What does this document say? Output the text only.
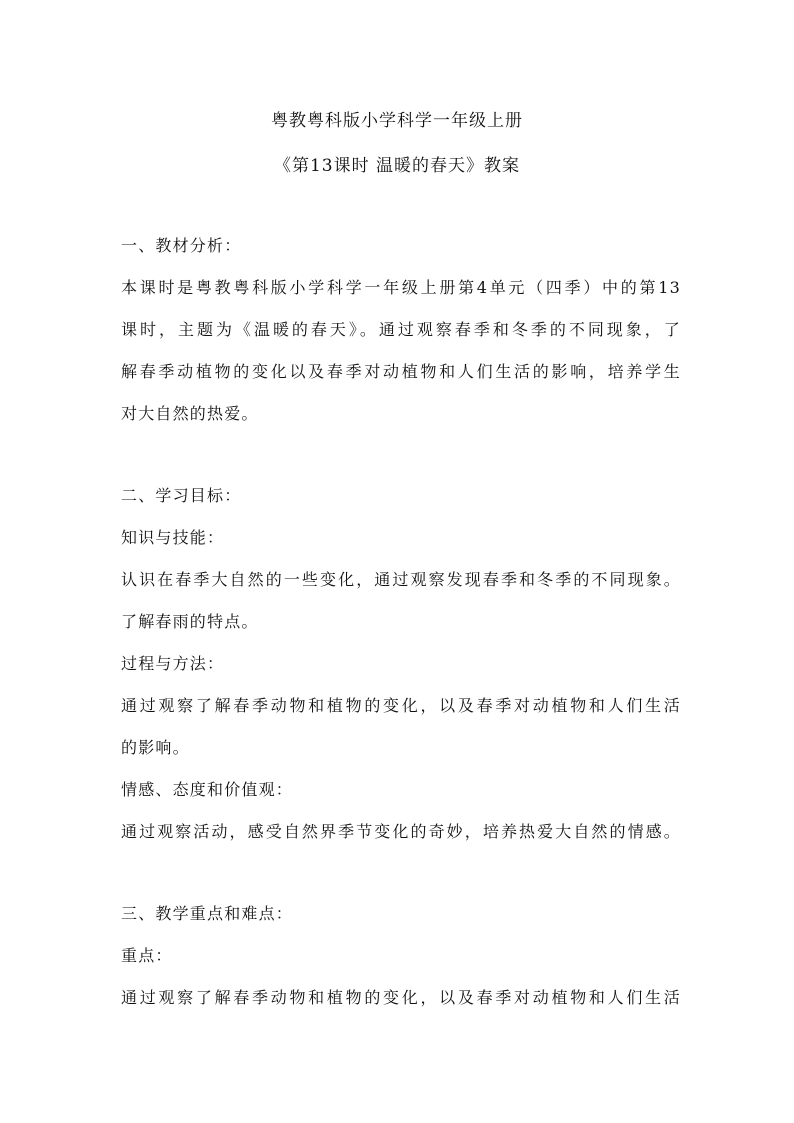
粤教粤科版小学科学一年级上册
《第13课时 温暖的春天》教案
一、教材分析：
本课时是粤教粤科版小学科学一年级上册第4单元（四季）中的第13
课时，主题为《温暖的春天》。通过观察春季和冬季的不同现象，了
解春季动植物的变化以及春季对动植物和人们生活的影响，培养学生
对大自然的热爱。
二、学习目标：
知识与技能：
认识在春季大自然的一些变化，通过观察发现春季和冬季的不同现象。
了解春雨的特点。
过程与方法：
通过观察了解春季动物和植物的变化，以及春季对动植物和人们生活
的影响。
情感、态度和价值观：
通过观察活动，感受自然界季节变化的奇妙，培养热爱大自然的情感。
三、教学重点和难点：
重点：
通过观察了解春季动物和植物的变化，以及春季对动植物和人们生活
